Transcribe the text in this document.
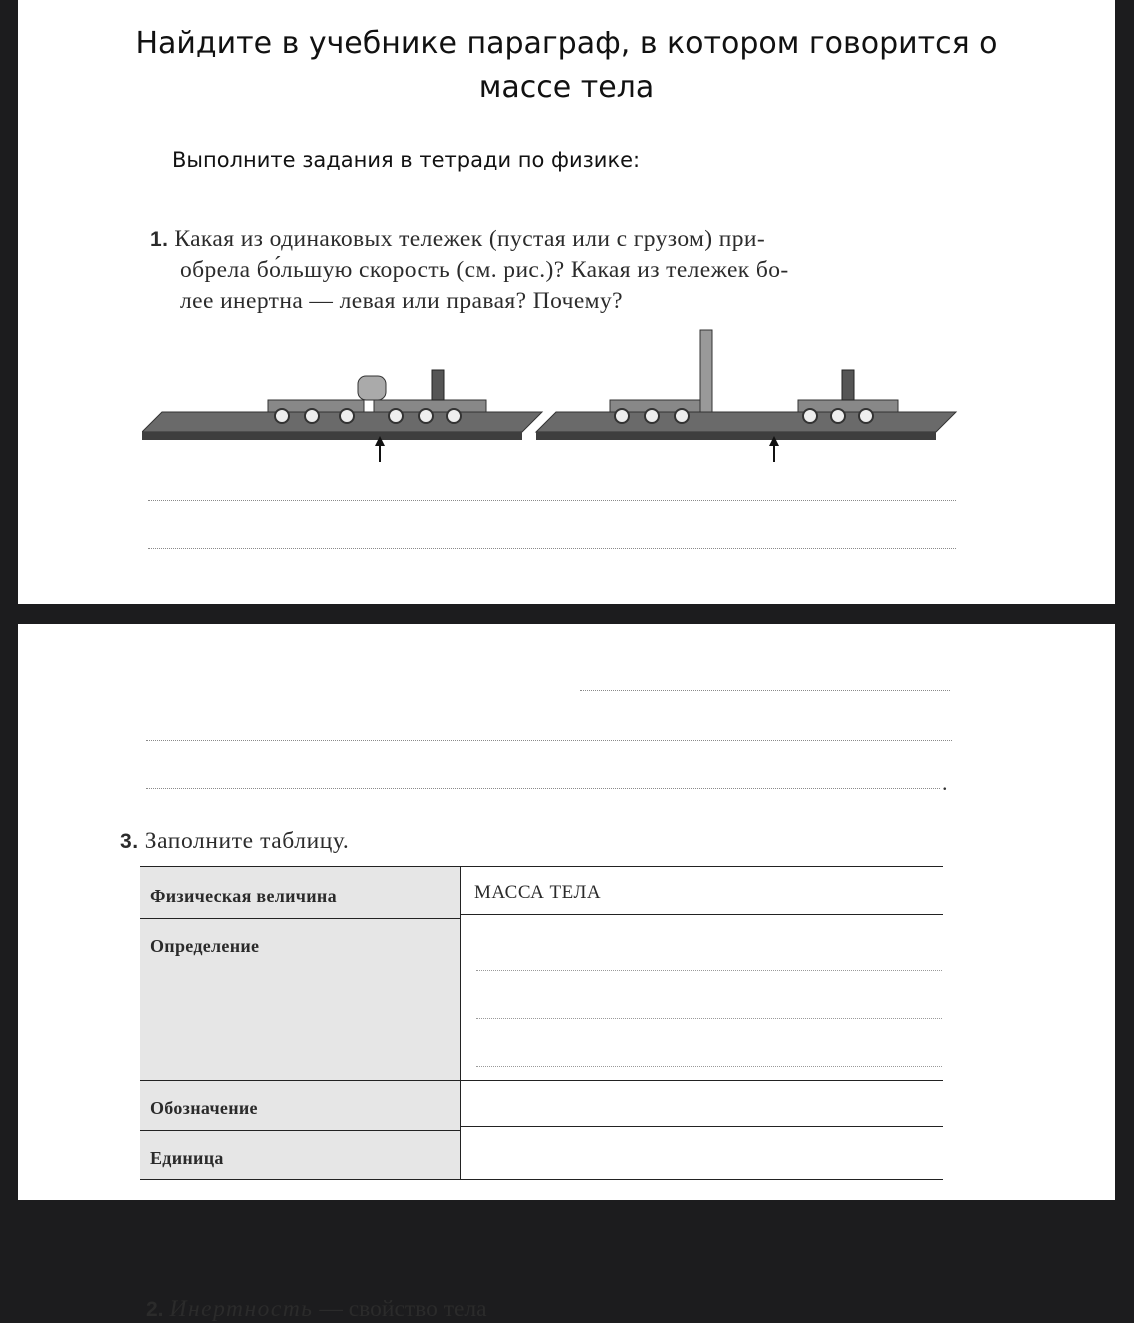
Найдите в учебнике параграф, в котором говорится о
массе тела
Выполните задания в тетради по физике:
1. Какая из одинаковых тележек (пустая или с грузом) при-
обрела бо́льшую скорость (см. рис.)? Какая из тележек бо-
лее инертна — левая или правая? Почему?
2. Инертность — свойство тела
.
3. Заполните таблицу.
Физическая величина	МАССА ТЕЛА
Определение
Обозначение
Единица
